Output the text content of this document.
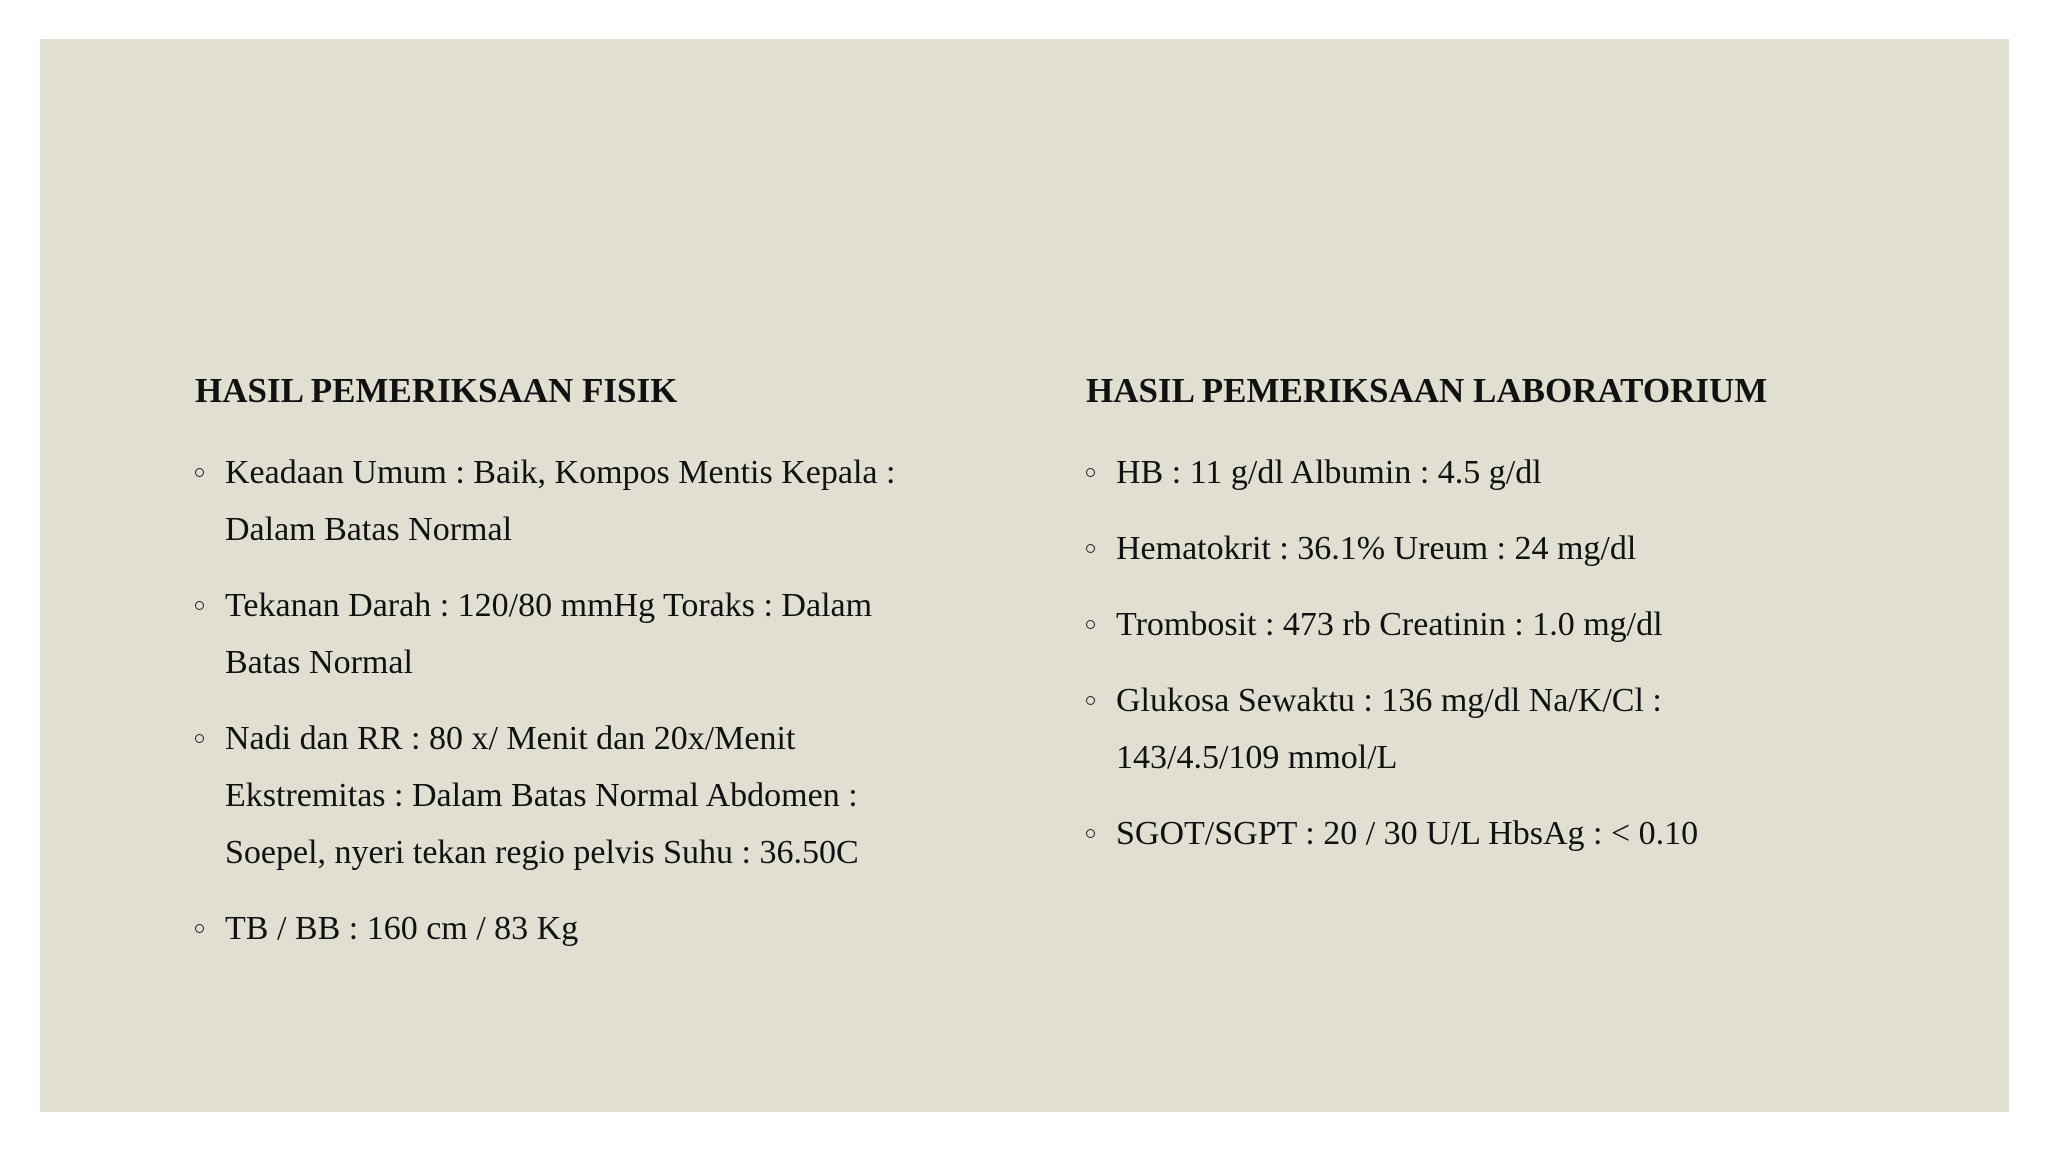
HASIL PEMERIKSAAN FISIK
Keadaan Umum : Baik, Kompos Mentis Kepala :
Dalam Batas Normal
Tekanan Darah : 120/80 mmHg Toraks : Dalam
Batas Normal
Nadi dan RR : 80 x/ Menit dan 20x/Menit
Ekstremitas : Dalam Batas Normal Abdomen :
Soepel, nyeri tekan regio pelvis Suhu : 36.50C
TB / BB : 160 cm / 83 Kg
HASIL PEMERIKSAAN LABORATORIUM
HB : 11 g/dl Albumin : 4.5 g/dl
Hematokrit : 36.1% Ureum : 24 mg/dl
Trombosit : 473 rb Creatinin : 1.0 mg/dl
Glukosa Sewaktu : 136 mg/dl Na/K/Cl :
143/4.5/109 mmol/L
SGOT/SGPT : 20 / 30 U/L HbsAg : < 0.10
